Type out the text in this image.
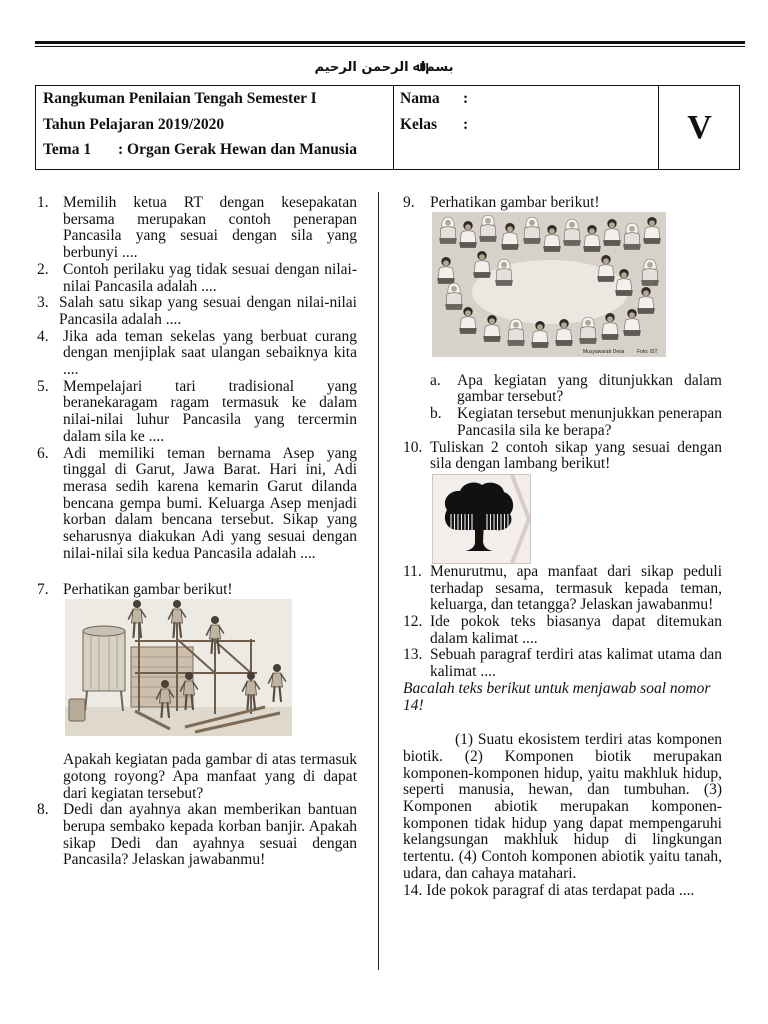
ﻢﻴﺣﺮﻟﺍ ﻦﻤﺣﺮﻟﺍ ﷲﺍﻢﺴﺑ
Rangkuman Penilaian Tengah Semester I
Tahun Pelajaran 2019/2020
Tema 1 : Organ Gerak Hewan dan Manusia
Nama :
Kelas :	V
1. Memilih ketua RT dengan kesepakatan bersama merupakan contoh penerapan Pancasila yang sesuai dengan sila yang berbunyi ....
2. Contoh perilaku yag tidak sesuai dengan nilai-nilai Pancasila adalah ....
3. Salah satu sikap yang sesuai dengan nilai-nilai Pancasila adalah ....
4. Jika ada teman sekelas yang berbuat curang dengan menjiplak saat ulangan sebaiknya kita ....
5. Mempelajari tari tradisional yang beranekaragam ragam termasuk ke dalam nilai-nilai luhur Pancasila yang tercermin dalam sila ke ....
6. Adi memiliki teman bernama Asep yang tinggal di Garut, Jawa Barat. Hari ini, Adi merasa sedih karena kemarin Garut dilanda bencana gempa bumi. Keluarga Asep menjadi korban dalam bencana tersebut. Sikap yang seharusnya diakukan Adi yang sesuai dengan nilai-nilai sila kedua Pancasila adalah ....
7. Perhatikan gambar berikut!
Apakah kegiatan pada gambar di atas termasuk gotong royong? Apa manfaat yang di dapat dari kegiatan tersebut?
8. Dedi dan ayahnya akan memberikan bantuan berupa sembako kepada korban banjir. Apakah sikap Dedi dan ayahnya sesuai dengan Pancasila? Jelaskan jawabanmu!
9. Perhatikan gambar berikut!
Musyawarah Desa	Foto: IST
a. Apa kegiatan yang ditunjukkan dalam gambar tersebut?
b. Kegiatan tersebut menunjukkan penerapan Pancasila sila ke berapa?
10. Tuliskan 2 contoh sikap yang sesuai dengan sila dengan lambang berikut!
11. Menurutmu, apa manfaat dari sikap peduli terhadap sesama, termasuk kepada teman, keluarga, dan tetangga? Jelaskan jawabanmu!
12. Ide pokok teks biasanya dapat ditemukan dalam kalimat ....
13. Sebuah paragraf terdiri atas kalimat utama dan kalimat ....
Bacalah teks berikut untuk menjawab soal nomor 14!
(1) Suatu ekosistem terdiri atas komponen biotik. (2) Komponen biotik merupakan komponen-komponen hidup, yaitu makhluk hidup, seperti manusia, hewan, dan tumbuhan. (3) Komponen abiotik merupakan komponen-komponen tidak hidup yang dapat mempengaruhi kelangsungan makhluk hidup di lingkungan tertentu. (4) Contoh komponen abiotik yaitu tanah, udara, dan cahaya matahari.
14. Ide pokok paragraf di atas terdapat pada ....
